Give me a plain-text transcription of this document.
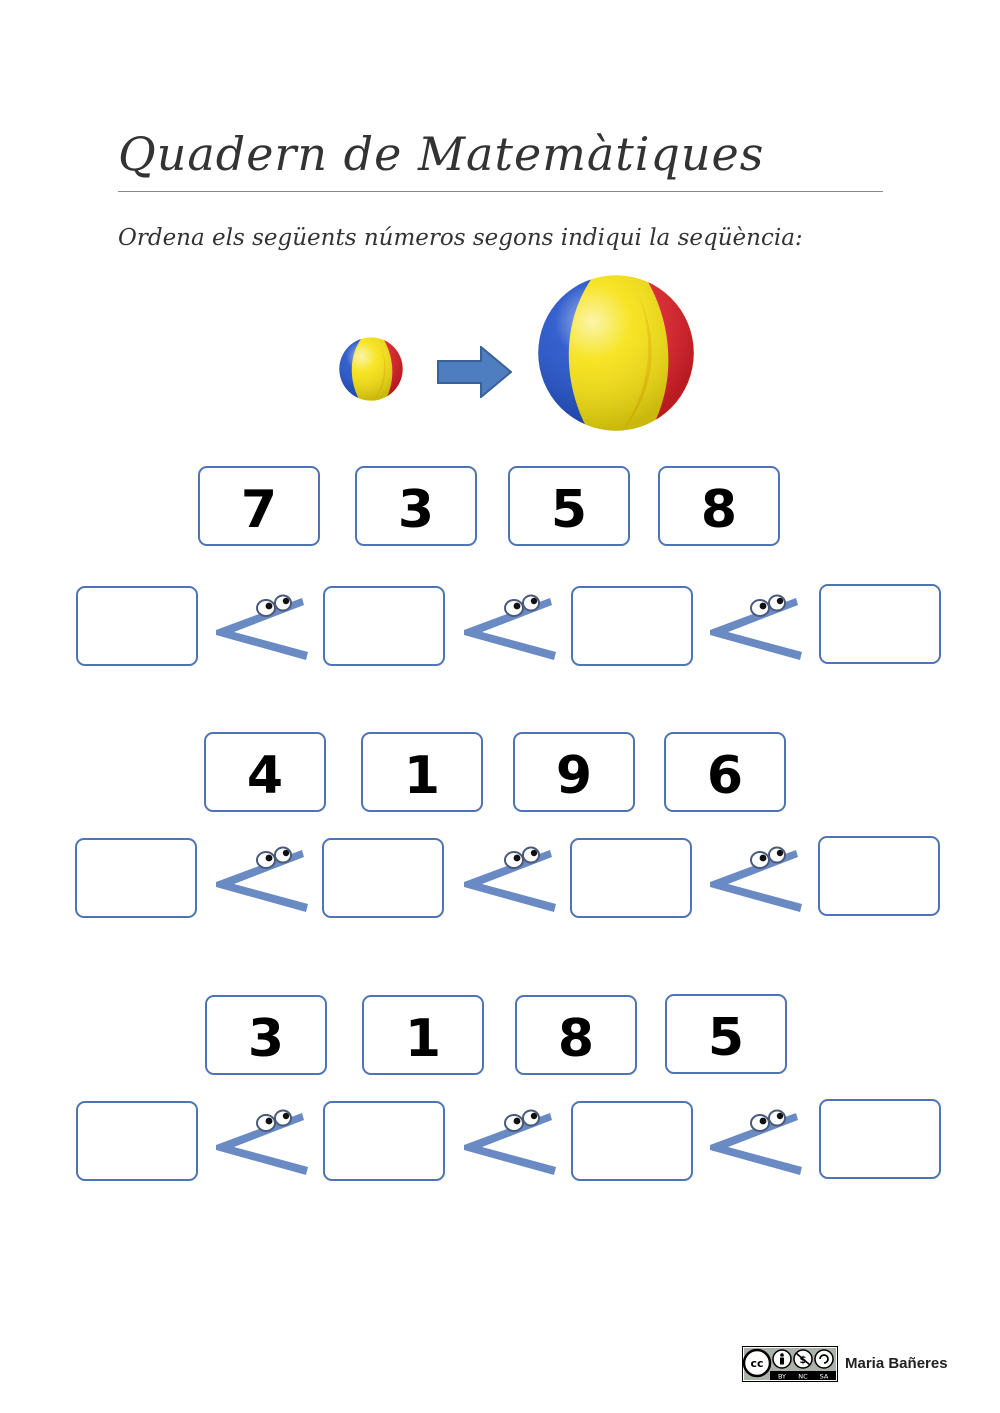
Quadern de Matemàtiques
Ordena els següents números segons indiqui la seqüència:
7	3	5	8
4	1	9	6
3	1	8	5
cc	$
BY NC SA
Maria Bañeres
